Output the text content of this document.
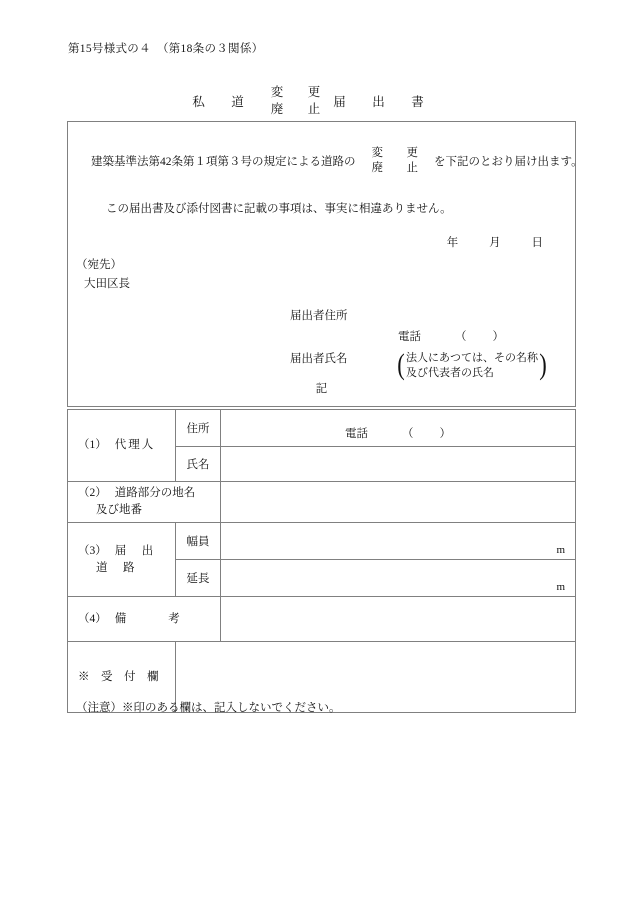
第15号様式の４　（第18条の３関係）
私　道
変　更
廃　止 届　出　書
建築基準法第42条第１項第３号の規定による道路の
変　更
廃　止 を下記のとおり届け出ます。
この届出書及び添付図書に記載の事項は、事実に相違ありません。
年	月	日
（宛先）
大田区長
届出者住所
電話	（ ）
届出者氏名	( 法人にあつては、その名称
及び代表者の氏名	)
記
（1） 代理人	住所	電話 （ ）

	氏名	
（2） 道路部分の地名
及び地番		

（3） 届　出
道　路	幅員	m

	延長	m

（4） 備 考		
※　受　付　欄		
（注意）※印のある欄は、記入しないでください。
